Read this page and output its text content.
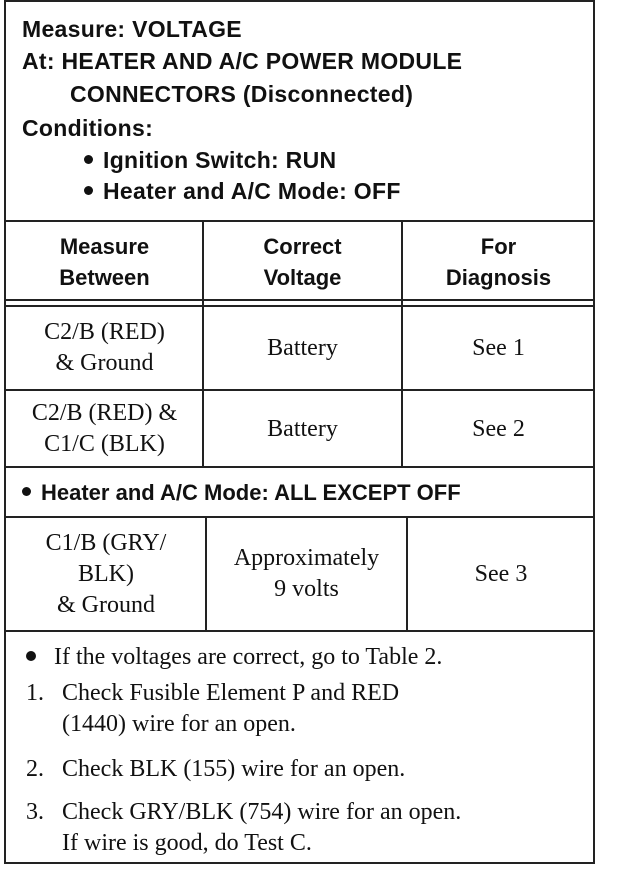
Measure: VOLTAGE
At: HEATER AND A/C POWER MODULE
CONNECTORS (Disconnected)
Conditions:
Ignition Switch: RUN
Heater and A/C Mode: OFF
Measure
Between
Correct
Voltage
For
Diagnosis
C2/B (RED)
& Ground
Battery	See 1
C2/B (RED) &
C1/C (BLK)
Battery	See 2
Heater and A/C Mode: ALL EXCEPT OFF
C1/B (GRY/
BLK)
& Ground
Approximately
9 volts
See 3
If the voltages are correct, go to Table 2.
1. Check Fusible Element P and RED
(1440) wire for an open.
2. Check BLK (155) wire for an open.
3. Check GRY/BLK (754) wire for an open.
If wire is good, do Test C.
